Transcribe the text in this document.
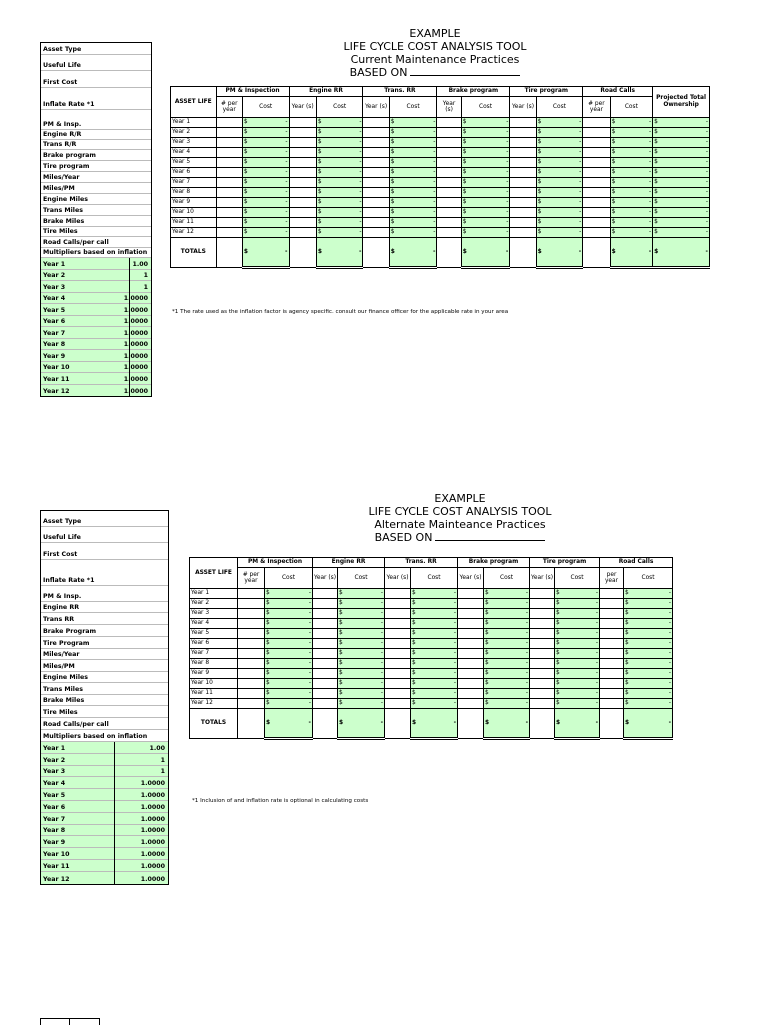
Asset Type
Useful Life
First Cost
Inflate Rate *1
PM & Insp.
Engine R/R
Trans R/R
Brake program
Tire program
Miles/Year
Miles/PM
Engine Miles
Trans Miles
Brake Miles
Tire Miles
Road Calls/per call
Multipliers based on inflation
Year 1	1.00
Year 2	1
Year 3	1
Year 4	1.0000
Year 5	1.0000
Year 6	1.0000
Year 7	1.0000
Year 8	1.0000
Year 9	1.0000
Year 10	1.0000
Year 11	1.0000
Year 12	1.0000
EXAMPLE
LIFE CYCLE COST ANALYSIS TOOL
Current Maintenance Practices
BASED ON
ASSET LIFE	PM & Inspection		Engine RR		Trans. RR		Brake program		Tire program		Road Calls		Projected Total Ownership
	# per year	Cost	Year (s)	Cost	Year (s)	Cost	Year (s)	Cost	Year (s)	Cost	# per year	Cost	
Year 1		$ -		$ -		$ -		$ -		$ -		$ -	$ -

Year 2		$ -		$ -		$ -		$ -		$ -		$ -	$ -

Year 3		$ -		$ -		$ -		$ -		$ -		$ -	$ -

Year 4		$ -		$ -		$ -		$ -		$ -		$ -	$ -

Year 5		$ -		$ -		$ -		$ -		$ -		$ -	$ -

Year 6		$ -		$ -		$ -		$ -		$ -		$ -	$ -

Year 7		$ -		$ -		$ -		$ -		$ -		$ -	$ -

Year 8		$ -		$ -		$ -		$ -		$ -		$ -	$ -

Year 9		$ -		$ -		$ -		$ -		$ -		$ -	$ -

Year 10		$ -		$ -		$ -		$ -		$ -		$ -	$ -

Year 11		$ -		$ -		$ -		$ -		$ -		$ -	$ -

Year 12		$ -		$ -		$ -		$ -		$ -		$ -	$ -

TOTALS		$ -		$ -		$ -		$ -		$ -		$ -	$ -
*1 The rate used as the inflation factor is agency specific. consult our finance officer for the applicable rate in your area
Asset Type
Useful Life
First Cost
Inflate Rate *1
PM & Insp.
Engine RR
Trans RR
Brake Program
Tire Program
Miles/Year
Miles/PM
Engine Miles
Trans Miles
Brake Miles
Tire Miles
Road Calls/per call
Multipliers based on inflation
Year 1	1.00
Year 2	1
Year 3	1
Year 4	1.0000
Year 5	1.0000
Year 6	1.0000
Year 7	1.0000
Year 8	1.0000
Year 9	1.0000
Year 10	1.0000
Year 11	1.0000
Year 12	1.0000
EXAMPLE
LIFE CYCLE COST ANALYSIS TOOL
Alternate Mainteance Practices
BASED ON
ASSET LIFE	PM & Inspection		Engine RR		Trans. RR		Brake program		Tire program		Road Calls	
	# per year	Cost	Year (s)	Cost	Year (s)	Cost	Year (s)	Cost	Year (s)	Cost	per year	Cost
Year 1		$ -		$ -		$ -		$ -		$ -		$ -

Year 2		$ -		$ -		$ -		$ -		$ -		$ -

Year 3		$ -		$ -		$ -		$ -		$ -		$ -

Year 4		$ -		$ -		$ -		$ -		$ -		$ -

Year 5		$ -		$ -		$ -		$ -		$ -		$ -

Year 6		$ -		$ -		$ -		$ -		$ -		$ -

Year 7		$ -		$ -		$ -		$ -		$ -		$ -

Year 8		$ -		$ -		$ -		$ -		$ -		$ -

Year 9		$ -		$ -		$ -		$ -		$ -		$ -

Year 10		$ -		$ -		$ -		$ -		$ -		$ -

Year 11		$ -		$ -		$ -		$ -		$ -		$ -

Year 12		$ -		$ -		$ -		$ -		$ -		$ -

TOTALS		$ -		$ -		$ -		$ -		$ -		$ -
*1 Inclusion of and inflation rate is optional in calculating costs
